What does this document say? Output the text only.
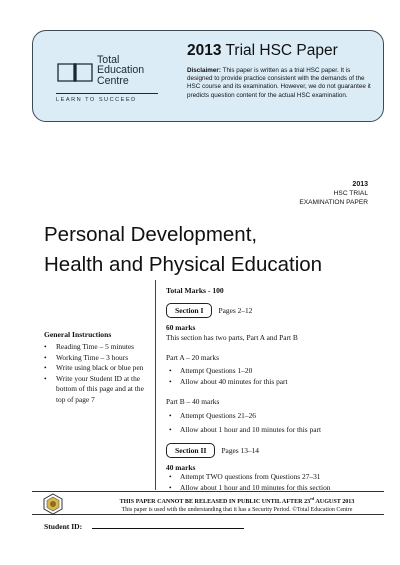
Total
Education
Centre
LEARN TO SUCCEED
2013 Trial HSC Paper
Disclaimer: This paper is written as a trial HSC paper. It is designed to provide practice consistent with the demands of the HSC course and its examination. However, we do not guarantee it predicts question content for the actual HSC examination.
2013
HSC TRIAL
EXAMINATION PAPER
Personal Development,
Health and Physical Education
General Instructions
• Reading Time – 5 minutes
• Working Time – 3 hours
• Write using black or blue pen
• Write your Student ID at the bottom of this page and at the top of page 7
Total Marks - 100
Section I	Pages 2–12
60 marks
This section has two parts, Part A and Part B
Part A – 20 marks
• Attempt Questions 1–20
• Allow about 40 minutes for this part
Part B – 40 marks
• Attempt Questions 21–26
• Allow about 1 hour and 10 minutes for this part
Section II	Pages 13–14
40 marks
• Attempt TWO questions from Questions 27–31
• Allow about 1 hour and 10 minutes for this section
THIS PAPER CANNOT BE RELEASED IN PUBLIC UNTIL AFTER 23rd AUGUST 2013
This paper is used with the understanding that it has a Security Period. ©Total Education Centre
Student ID:
